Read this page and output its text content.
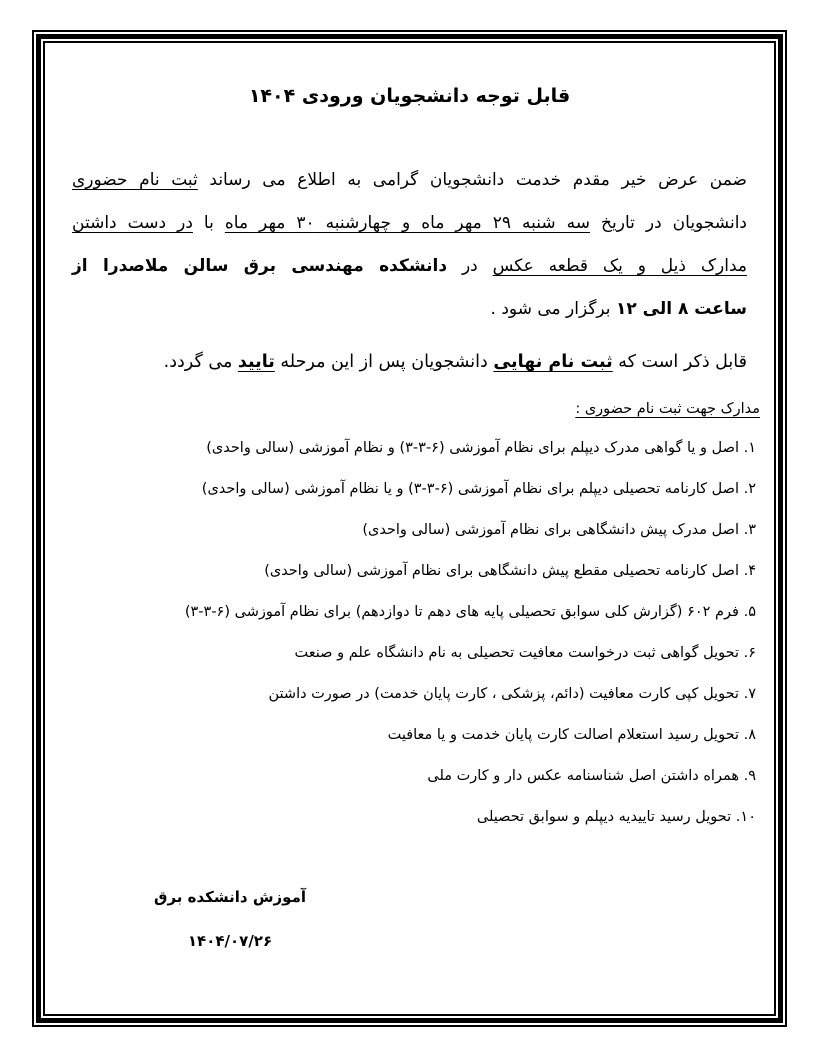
قابل توجه دانشجویان ورودی ۱۴۰۴
ضمن عرض خیر مقدم خدمت دانشجویان گرامی به اطلاع می رساند ثبت نام حضوری
دانشجویان در تاریخ سه شنبه ۲۹ مهر ماه و چهارشنبه ۳۰ مهر ماه با در دست داشتن
مدارک ذیل و یک قطعه عکس در دانشکده مهندسی برق سالن ملاصدرا از
ساعت ۸ الی ۱۲ برگزار می شود .

قابل ذکر است که ثبت نام نهایی دانشجویان پس از این مرحله تایید می گردد.

مدارک جهت ثبت نام حضوری :
۱. اصل و یا گواهی مدرک دیپلم برای نظام آموزشی (۶-۳-۳) و نظام آموزشی (سالی واحدی)
۲. اصل کارنامه تحصیلی دیپلم برای نظام آموزشی (۶-۳-۳) و یا نظام آموزشی (سالی واحدی)
۳. اصل مدرک پیش دانشگاهی برای نظام آموزشی (سالی واحدی)
۴. اصل کارنامه تحصیلی مقطع پیش دانشگاهی برای نظام آموزشی (سالی واحدی)
۵. فرم ۶۰۲ (گزارش کلی سوابق تحصیلی پایه های دهم تا دوازدهم) برای نظام آموزشی (۶-۳-۳)
۶. تحویل گواهی ثبت درخواست معافیت تحصیلی به نام دانشگاه علم و صنعت
۷. تحویل کپی کارت معافیت (دائم، پزشکی ، کارت پایان خدمت) در صورت داشتن
۸. تحویل رسید استعلام اصالت کارت پایان خدمت و یا معافیت
۹. همراه داشتن اصل شناسنامه عکس دار و کارت ملی
۱۰. تحویل رسید تاییدیه دیپلم و سوابق تحصیلی
آموزش دانشکده برق
۱۴۰۴/۰۷/۲۶
